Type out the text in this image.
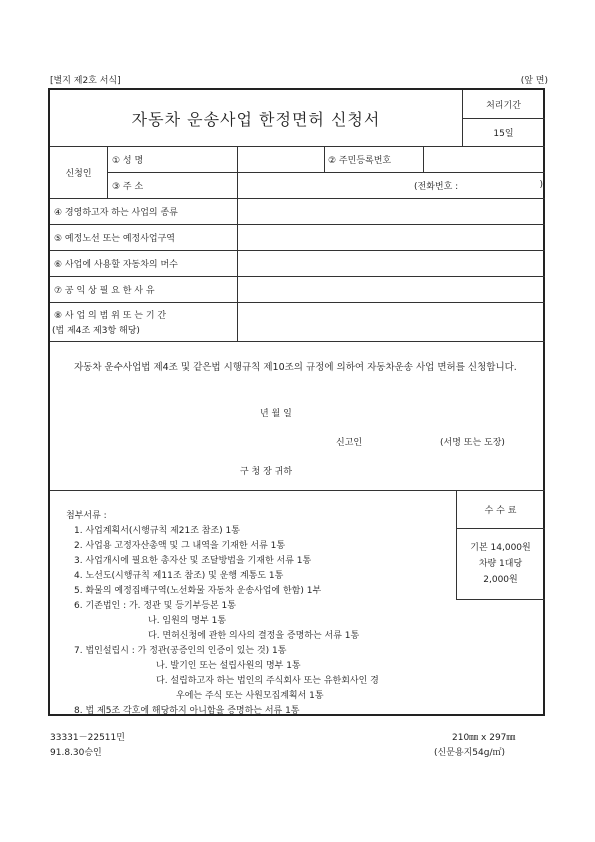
[별지 제2호 서식]	(앞 면)
자동차 운송사업 한정면허 신청서
처리기간
15일
신청인
① 성 명	② 주민등록번호
③ 주 소	(전화번호 :	)
④ 경영하고자 하는 사업의 종류
⑤ 예정노선 또는 예정사업구역
⑥ 사업에 사용할 자동차의 머수
⑦ 공 익 상 필 요 한 사 유
⑧ 사 업 의 범 위 또 는 기 간
(법 제4조 제3항 해당)
자동차 운수사업법 제4조 및 같은법 시행규칙 제10조의 규정에 의하여 자동차운송 사업 면허를 신청합니다.
년 월 일
신고인	(서명 또는 도장)
구 청 장 귀하
첨부서류 :
1. 사업계획서(시행규칙 제21조 참조) 1통
2. 사업용 고정자산총액 및 그 내역을 기재한 서류 1통
3. 사업개시에 필요한 총자산 및 조달방법을 기재한 서류 1통
4. 노선도(시행규칙 제11조 참조) 및 운행 계통도 1통
5. 화물의 예정집배구역(노선화물 자동차 운송사업에 한함) 1부
6. 기존법인 : 가. 정관 및 등기부등본 1통
나. 임원의 명부 1통
다. 면허신청에 관한 의사의 결정을 증명하는 서류 1통
7. 법인설립시 : 가 정관(공증인의 인증이 있는 것) 1통
나. 발기인 또는 설립사원의 명부 1통
다. 설립하고자 하는 법인의 주식회사 또는 유한회사인 경
우에는 주식 또는 사원모집계획서 1통
8. 법 제5조 각호에 해당하지 아니함을 증명하는 서류 1통
수 수 료
기본 14,000원
차량 1대당
2,000원
33331－22511민
91.8.30승인
210㎜ x 297㎜
(신문용지54g/㎡)
